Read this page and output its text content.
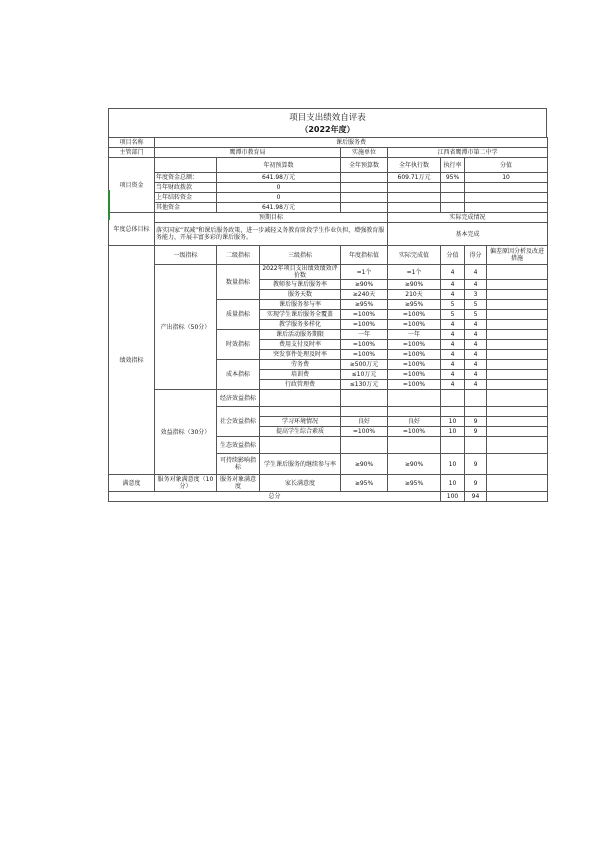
项目支出绩效自评表
（2022年度）
项目名称	课后服务费								
主管部门	鹰潭市教育局			实施单位	江西省鹰潭市第二中学				
项目资金		年初预算数		全年预算数	全年执行数	执行率	分值	
	年度资金总额：	641.98万元			609.71万元	95%	10	
	当年财政拨款	0							
	上年结转资金	0							
	其他资金	641.98万元							
年度总体目标	预期目标				实际完成情况				
	落实国家“双减”和课后服务政策，进一步减轻义务教育阶段学生作业负担，增强教育服务能力，开展丰富多彩的课后服务。				基本完成				
绩效指标	一级指标	二级指标	三级指标	年度指标值	实际完成值	分值	得分	偏差原因分析及改进措施	
	产出指标（50分）	数量指标	2022年项目支出绩效绩效评价数	=1个	=1个	4	4		
			教师参与课后服务率	≥90%	≥90%	4	4		
			服务天数	≥240天	210天	4	3		
		质量指标	课后服务参与率	≥95%	≥95%	5	5		
			实现学生课后服务全覆盖	=100%	=100%	5	5		
			教学服务多样化	=100%	=100%	4	4		
		时效指标	课后活动服务期限	一年	一年	4	4		
			费用支付及时率	=100%	=100%	4	4		
			突发事件处理及时率	=100%	=100%	4	4		
		成本指标	劳务费	≥500万元	=100%	4	4		
			培训费	≤10万元	=100%	4	4		
			行政管理费	≤130万元	=100%	4	4		
	效益指标（30分）	经济效益指标							
		社会效益指标							
			学习环境情况	良好	良好	10	9		
			提高学生综合素质	=100%	=100%	10	9		
		生态效益指标							
		可持续影响指标	学生课后服务的继续参与率	≥90%	≥90%	10	9		

满意度	服务对象满意度（10分）	服务对象满意度	家长满意度	≥95%	≥95%	10	9		
总分						100	94		
